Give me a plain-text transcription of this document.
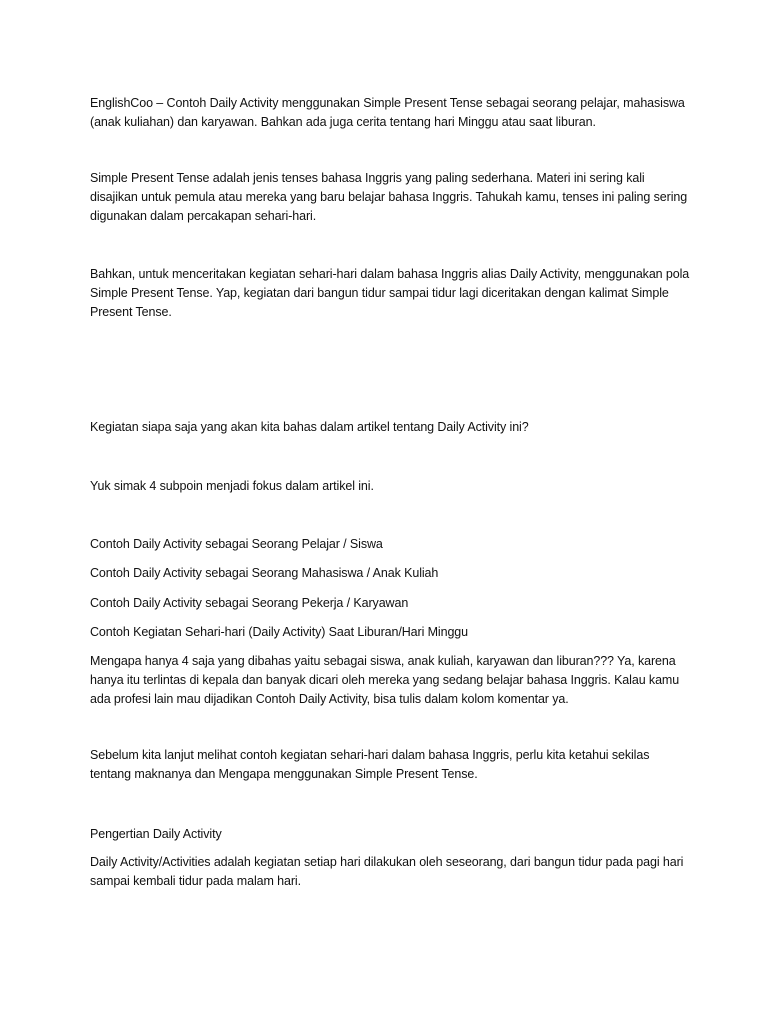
EnglishCoo – Contoh Daily Activity menggunakan Simple Present Tense sebagai seorang pelajar, mahasiswa (anak kuliahan) dan karyawan. Bahkan ada juga cerita tentang hari Minggu atau saat liburan.

Simple Present Tense adalah jenis tenses bahasa Inggris yang paling sederhana. Materi ini sering kali disajikan untuk pemula atau mereka yang baru belajar bahasa Inggris. Tahukah kamu, tenses ini paling sering digunakan dalam percakapan sehari-hari.

Bahkan, untuk menceritakan kegiatan sehari-hari dalam bahasa Inggris alias Daily Activity, menggunakan pola Simple Present Tense. Yap, kegiatan dari bangun tidur sampai tidur lagi diceritakan dengan kalimat Simple Present Tense.

Kegiatan siapa saja yang akan kita bahas dalam artikel tentang Daily Activity ini?

Yuk simak 4 subpoin menjadi fokus dalam artikel ini.

Contoh Daily Activity sebagai Seorang Pelajar / Siswa

Contoh Daily Activity sebagai Seorang Mahasiswa / Anak Kuliah

Contoh Daily Activity sebagai Seorang Pekerja / Karyawan

Contoh Kegiatan Sehari-hari (Daily Activity) Saat Liburan/Hari Minggu

Mengapa hanya 4 saja yang dibahas yaitu sebagai siswa, anak kuliah, karyawan dan liburan??? Ya, karena hanya itu terlintas di kepala dan banyak dicari oleh mereka yang sedang belajar bahasa Inggris. Kalau kamu ada profesi lain mau dijadikan Contoh Daily Activity, bisa tulis dalam kolom komentar ya.

Sebelum kita lanjut melihat contoh kegiatan sehari-hari dalam bahasa Inggris, perlu kita ketahui sekilas tentang maknanya dan Mengapa menggunakan Simple Present Tense.

Pengertian Daily Activity

Daily Activity/Activities adalah kegiatan setiap hari dilakukan oleh seseorang, dari bangun tidur pada pagi hari sampai kembali tidur pada malam hari.
